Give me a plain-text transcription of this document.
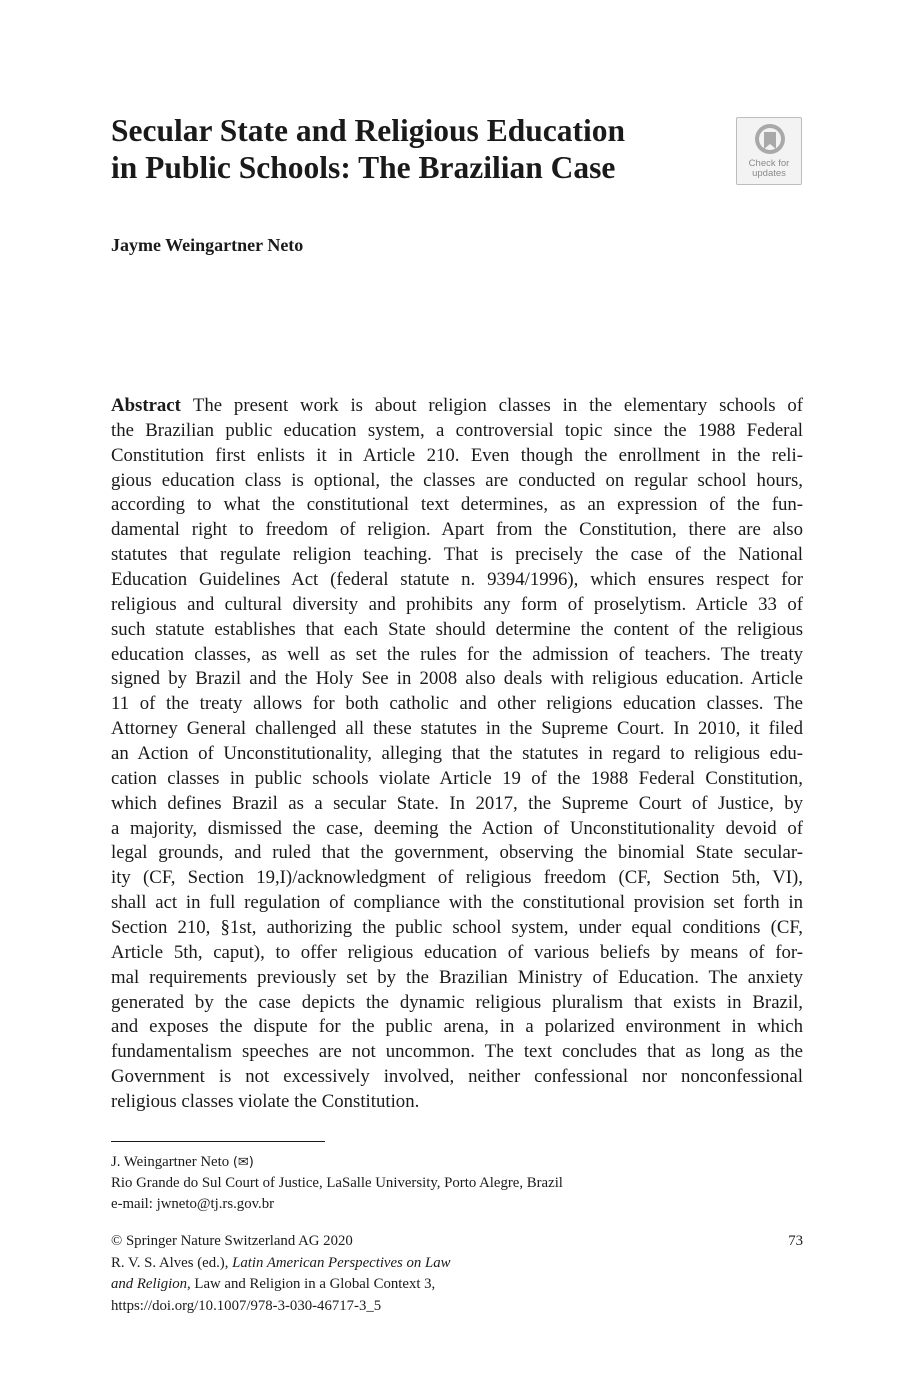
Secular State and Religious Education
in Public Schools: The Brazilian Case	Check for
updates

Jayme Weingartner Neto

Abstract The present work is about religion classes in the elementary schools of
the Brazilian public education system, a controversial topic since the 1988 Federal
Constitution first enlists it in Article 210. Even though the enrollment in the reli-
gious education class is optional, the classes are conducted on regular school hours,
according to what the constitutional text determines, as an expression of the fun-
damental right to freedom of religion. Apart from the Constitution, there are also
statutes that regulate religion teaching. That is precisely the case of the National
Education Guidelines Act (federal statute n. 9394/1996), which ensures respect for
religious and cultural diversity and prohibits any form of proselytism. Article 33 of
such statute establishes that each State should determine the content of the religious
education classes, as well as set the rules for the admission of teachers. The treaty
signed by Brazil and the Holy See in 2008 also deals with religious education. Article
11 of the treaty allows for both catholic and other religions education classes. The
Attorney General challenged all these statutes in the Supreme Court. In 2010, it filed
an Action of Unconstitutionality, alleging that the statutes in regard to religious edu-
cation classes in public schools violate Article 19 of the 1988 Federal Constitution,
which defines Brazil as a secular State. In 2017, the Supreme Court of Justice, by
a majority, dismissed the case, deeming the Action of Unconstitutionality devoid of
legal grounds, and ruled that the government, observing the binomial State secular-
ity (CF, Section 19,I)/acknowledgment of religious freedom (CF, Section 5th, VI),
shall act in full regulation of compliance with the constitutional provision set forth in
Section 210, §1st, authorizing the public school system, under equal conditions (CF,
Article 5th, caput), to offer religious education of various beliefs by means of for-
mal requirements previously set by the Brazilian Ministry of Education. The anxiety
generated by the case depicts the dynamic religious pluralism that exists in Brazil,
and exposes the dispute for the public arena, in a polarized environment in which
fundamentalism speeches are not uncommon. The text concludes that as long as the
Government is not excessively involved, neither confessional nor nonconfessional
religious classes violate the Constitution.
J. Weingartner Neto (✉)
Rio Grande do Sul Court of Justice, LaSalle University, Porto Alegre, Brazil
e-mail: jwneto@tj.rs.gov.br
73
© Springer Nature Switzerland AG 2020
R. V. S. Alves (ed.), Latin American Perspectives on Law
and Religion, Law and Religion in a Global Context 3,
https://doi.org/10.1007/978-3-030-46717-3_5
